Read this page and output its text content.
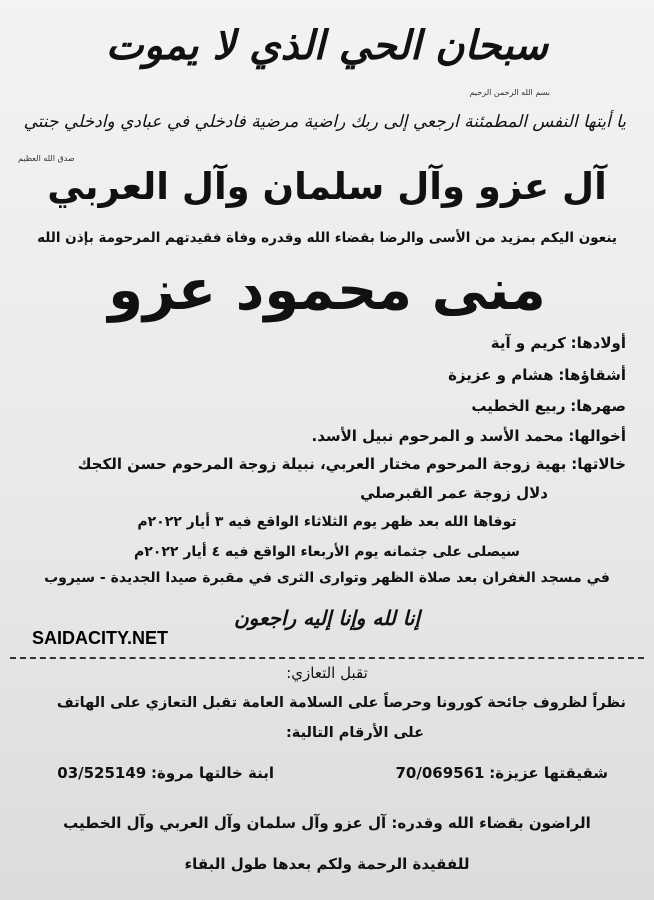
سبحان الحي الذي لا يموت
بسم الله الرحمن الرحيم
يا أيتها النفس المطمئنة ارجعي إلى ربك راضية مرضية فادخلي في عبادي وادخلي جنتي
صدق الله العظيم
آل عزو وآل سلمان وآل العربي
ينعون اليكم بمزيد من الأسى والرضا بقضاء الله وقدره وفاة فقيدتهم المرحومة بإذن الله
منى محمود عزو
أولادها: كريم و آية
أشقاؤها: هشام و عزيزة
صهرها: ربيع الخطيب
أخوالها: محمد الأسد و المرحوم نبيل الأسد.
خالاتها: بهية زوجة المرحوم مختار العربي، نبيلة زوجة المرحوم حسن الكجك
دلال زوجة عمر القبرصلي
توفاها الله بعد ظهر يوم الثلاثاء الواقع فيه ٣ أيار ٢٠٢٢م
سيصلى على جثمانه يوم الأربعاء الواقع فيه ٤ أيار ٢٠٢٢م
في مسجد الغفران بعد صلاة الظهر وتوارى الثرى في مقبرة صيدا الجديدة - سيروب
إنا لله وإنا إليه راجعون
SAIDACITY.NET
تقبل التعازي:
نظراً لظروف جائحة كورونا وحرصاً على السلامة العامة تقبل التعازي على الهاتف
على الأرقام التالية:
شقيقتها عزيزة: 70/069561
ابنة خالتها مروة: 03/525149
الراضون بقضاء الله وقدره: آل عزو وآل سلمان وآل العربي وآل الخطيب
للفقيدة الرحمة ولكم بعدها طول البقاء
